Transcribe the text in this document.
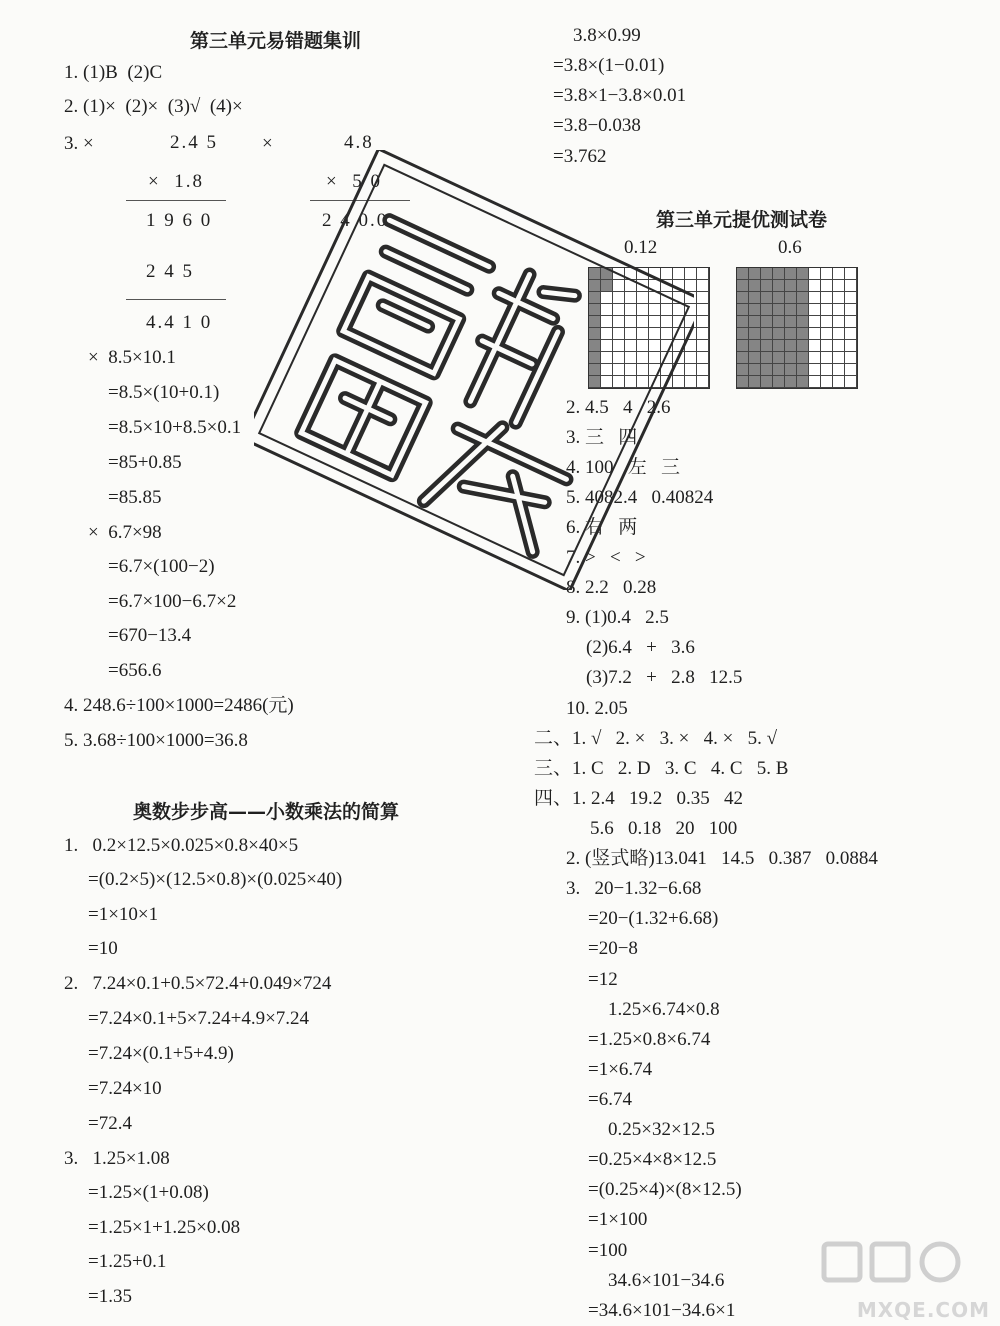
第三单元易错题集训
1. (1)B  (2)C
2. (1)×  (2)×  (3)√  (4)×
3. ×	2.4 5
×  1.8
1 9 6 0
2 4 5
4.4 1 0
×	4.8
×  5 0
2 4 0.0
×  8.5×10.1
=8.5×(10+0.1)
=8.5×10+8.5×0.1
=85+0.85
=85.85
×  6.7×98
=6.7×(100−2)
=6.7×100−6.7×2
=670−13.4
=656.6
4. 248.6÷100×1000=2486(元)
5. 3.68÷100×1000=36.8
奥数步步高——小数乘法的简算
1.   0.2×12.5×0.025×0.8×40×5
=(0.2×5)×(12.5×0.8)×(0.025×40)
=1×10×1
=10
2.   7.24×0.1+0.5×72.4+0.049×724
=7.24×0.1+5×7.24+4.9×7.24
=7.24×(0.1+5+4.9)
=7.24×10
=72.4
3.   1.25×1.08
=1.25×(1+0.08)
=1.25×1+1.25×0.08
=1.25+0.1
=1.35
3.8×0.99
=3.8×(1−0.01)
=3.8×1−3.8×0.01
=3.8−0.038
=3.762
第三单元提优测试卷
0.12	0.6
2. 4.5   4   2.6
3. 三   四
4. 100   左   三
5. 4082.4   0.40824
6. 右   两
7. >   <   >
8. 2.2   0.28
9. (1)0.4   2.5
(2)6.4   +   3.6
(3)7.2   +   2.8   12.5
10. 2.05
二、1. √   2. ×   3. ×   4. ×   5. √
三、1. C   2. D   3. C   4. C   5. B
四、1. 2.4   19.2   0.35   42
5.6   0.18   20   100
2. (竖式略)13.041   14.5   0.387   0.0884
3.   20−1.32−6.68
=20−(1.32+6.68)
=20−8
=12
1.25×6.74×0.8
=1.25×0.8×6.74
=1×6.74
=6.74
0.25×32×12.5
=0.25×4×8×12.5
=(0.25×4)×(8×12.5)
=1×100
=100
34.6×101−34.6
=34.6×101−34.6×1	MXQE.COM
